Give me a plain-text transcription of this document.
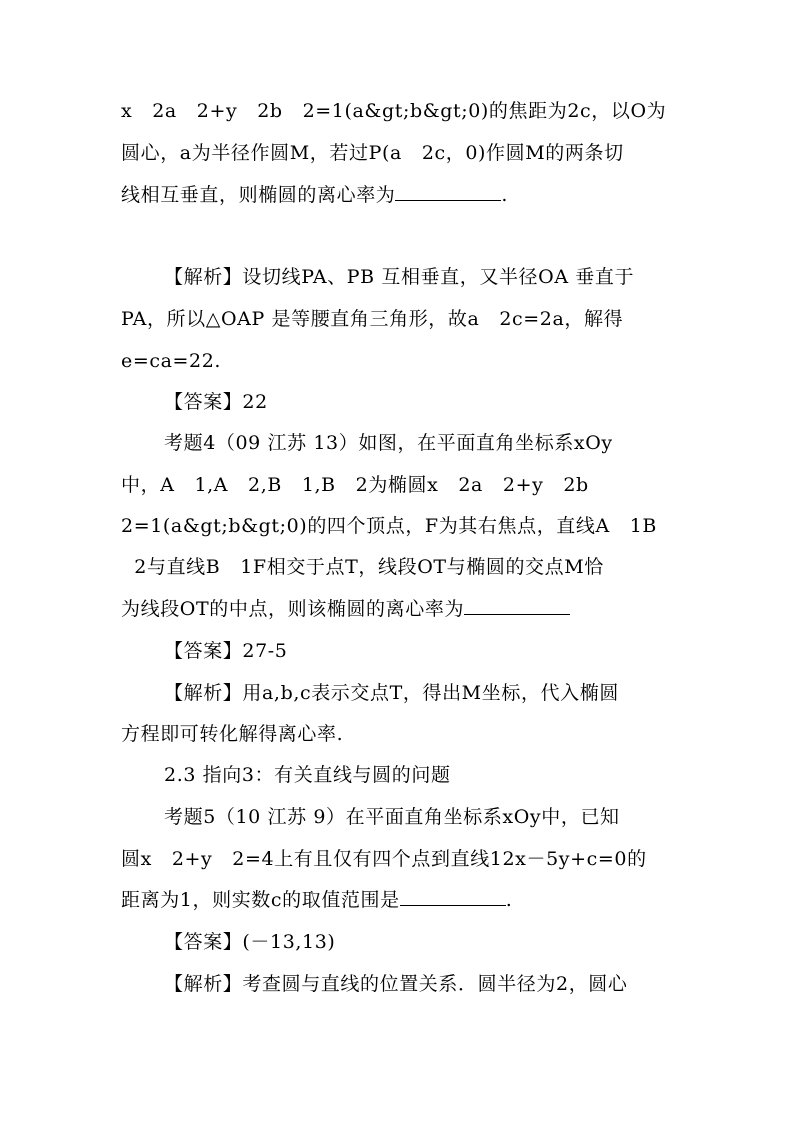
x   2a   2+y   2b   2=1(a&gt;b&gt;0)的焦距为2c，以O为
圆心，a为半径作圆M，若过P(a   2c，0)作圆M的两条切
线相互垂直，则椭圆的离心率为	.
【解析】设切线PA、PB 互相垂直，又半径OA 垂直于
PA，所以△OAP 是等腰直角三角形，故a   2c=2a，解得
e=ca=22.
【答案】22
考题4（09 江苏 13）如图，在平面直角坐标系xOy
中，A   1,A   2,B   1,B   2为椭圆x   2a   2+y   2b
2=1(a&gt;b&gt;0)的四个顶点，F为其右焦点，直线A   1B
2与直线B   1F相交于点T，线段OT与椭圆的交点M恰
为线段OT的中点，则该椭圆的离心率为
【答案】27-5
【解析】用a,b,c表示交点T，得出M坐标，代入椭圆
方程即可转化解得离心率.
2.3 指向3：有关直线与圆的问题
考题5（10 江苏 9）在平面直角坐标系xOy中，已知
圆x   2+y   2=4上有且仅有四个点到直线12x－5y+c=0的
距离为1，则实数c的取值范围是	.
【答案】(－13,13)
【解析】考查圆与直线的位置关系．圆半径为2，圆心
